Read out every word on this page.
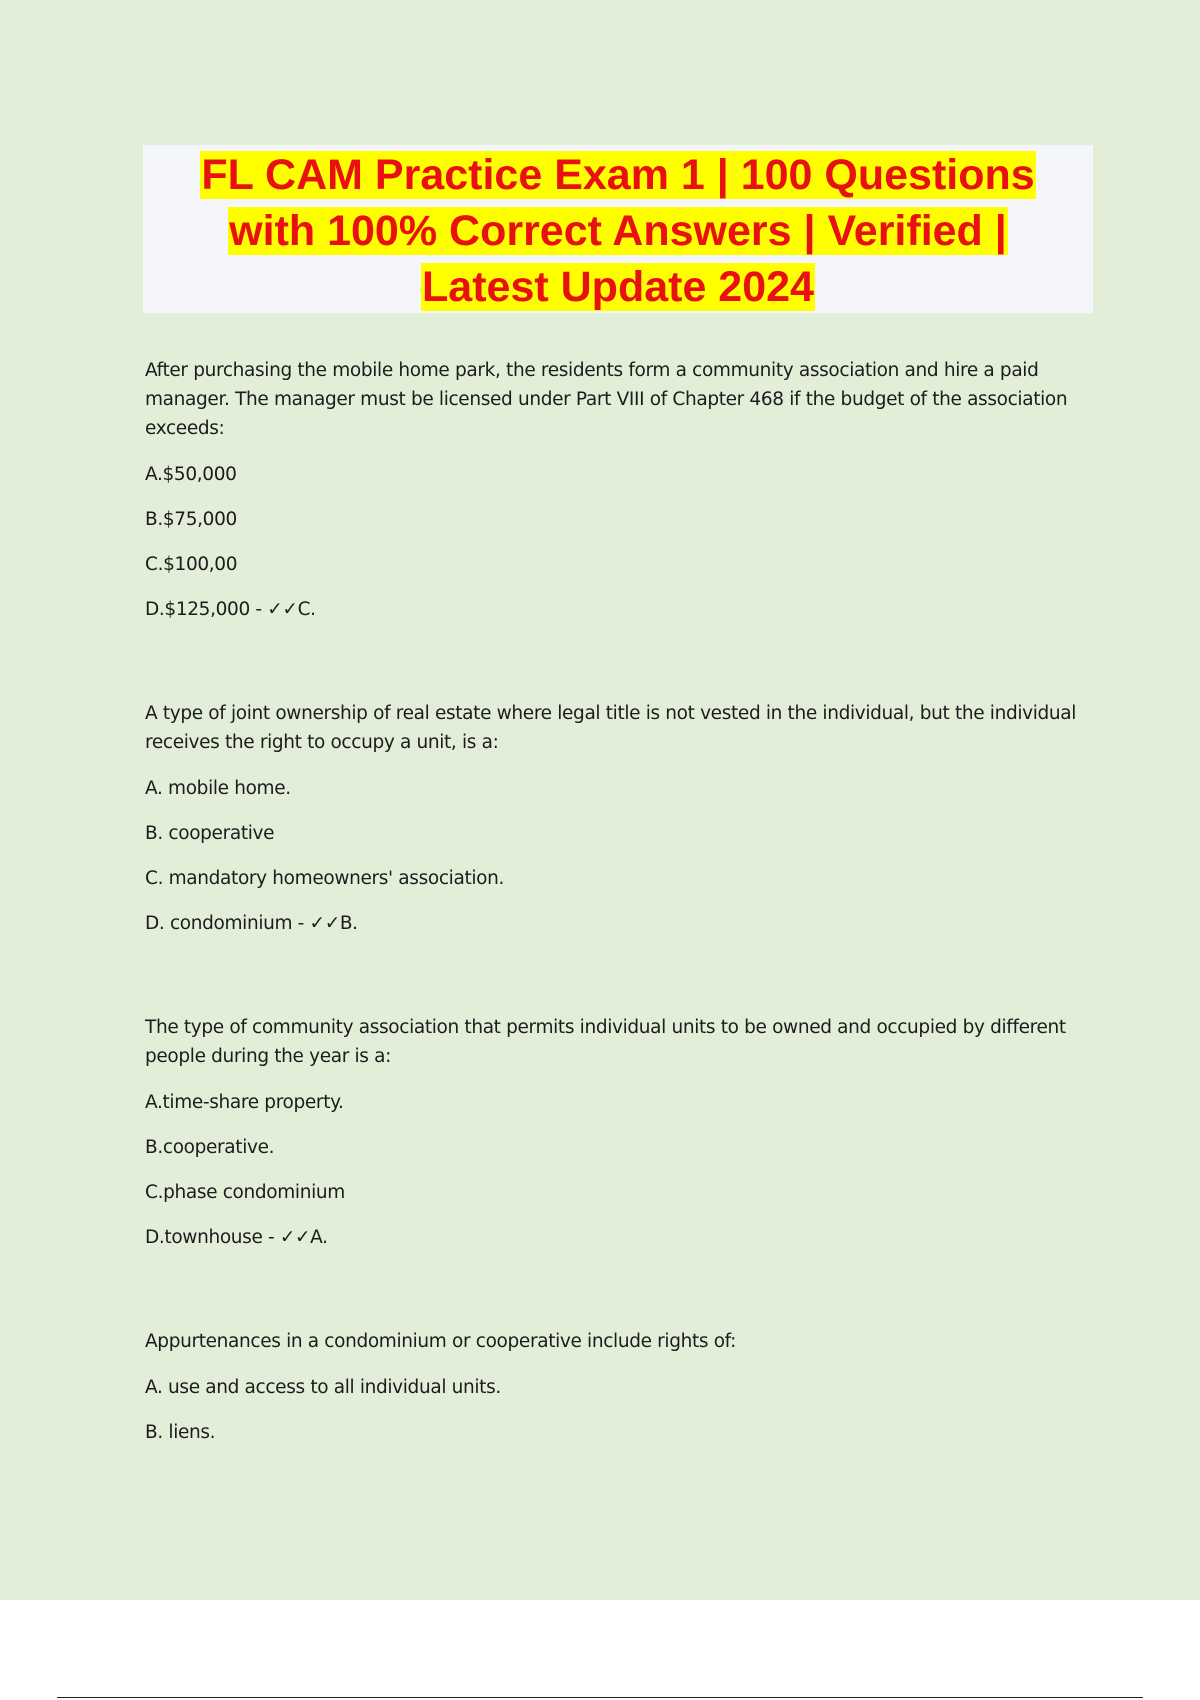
FL CAM Practice Exam 1 | 100 Questions
with 100% Correct Answers | Verified |
Latest Update 2024

After purchasing the mobile home park, the residents form a community association and hire a paid manager. The manager must be licensed under Part VIII of Chapter 468 if the budget of the association exceeds:

A.$50,000

B.$75,000

C.$100,00

D.$125,000 - ✓✓C.

A type of joint ownership of real estate where legal title is not vested in the individual, but the individual receives the right to occupy a unit, is a:

A. mobile home.

B. cooperative

C. mandatory homeowners' association.

D. condominium - ✓✓B.

The type of community association that permits individual units to be owned and occupied by different people during the year is a:

A.time-share property.

B.cooperative.

C.phase condominium

D.townhouse - ✓✓A.

Appurtenances in a condominium or cooperative include rights of:

A. use and access to all individual units.

B. liens.
